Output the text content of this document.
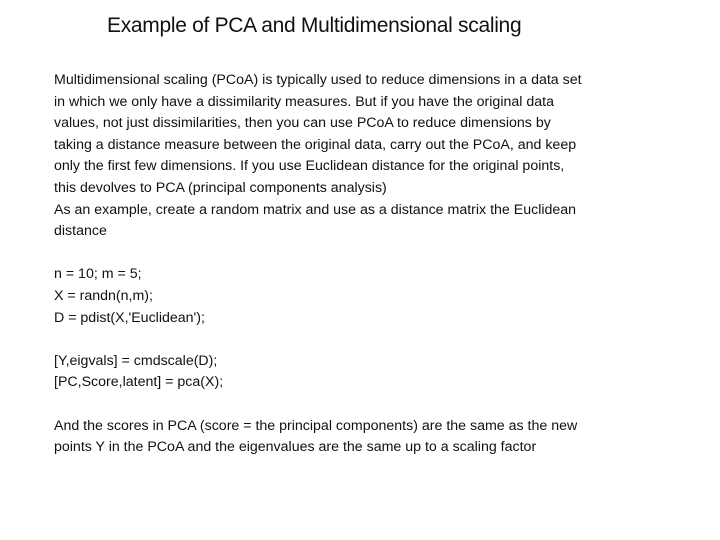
Example of PCA and Multidimensional scaling
Multidimensional scaling (PCoA) is typically used to reduce dimensions in a data set
in which we only have a dissimilarity measures. But if you have the original data
values, not just dissimilarities, then you can use PCoA to reduce dimensions by
taking a distance measure between the original data, carry out the PCoA, and keep
only the first few dimensions. If you use Euclidean distance for the original points,
this devolves to PCA (principal components analysis)
As an example, create a random matrix and use as a distance matrix the Euclidean
distance
n = 10; m = 5;
X = randn(n,m);
D = pdist(X,'Euclidean');
[Y,eigvals] = cmdscale(D);
[PC,Score,latent] = pca(X);
And the scores in PCA (score = the principal components) are the same as the new
points Y in the PCoA and the eigenvalues are the same up to a scaling factor
